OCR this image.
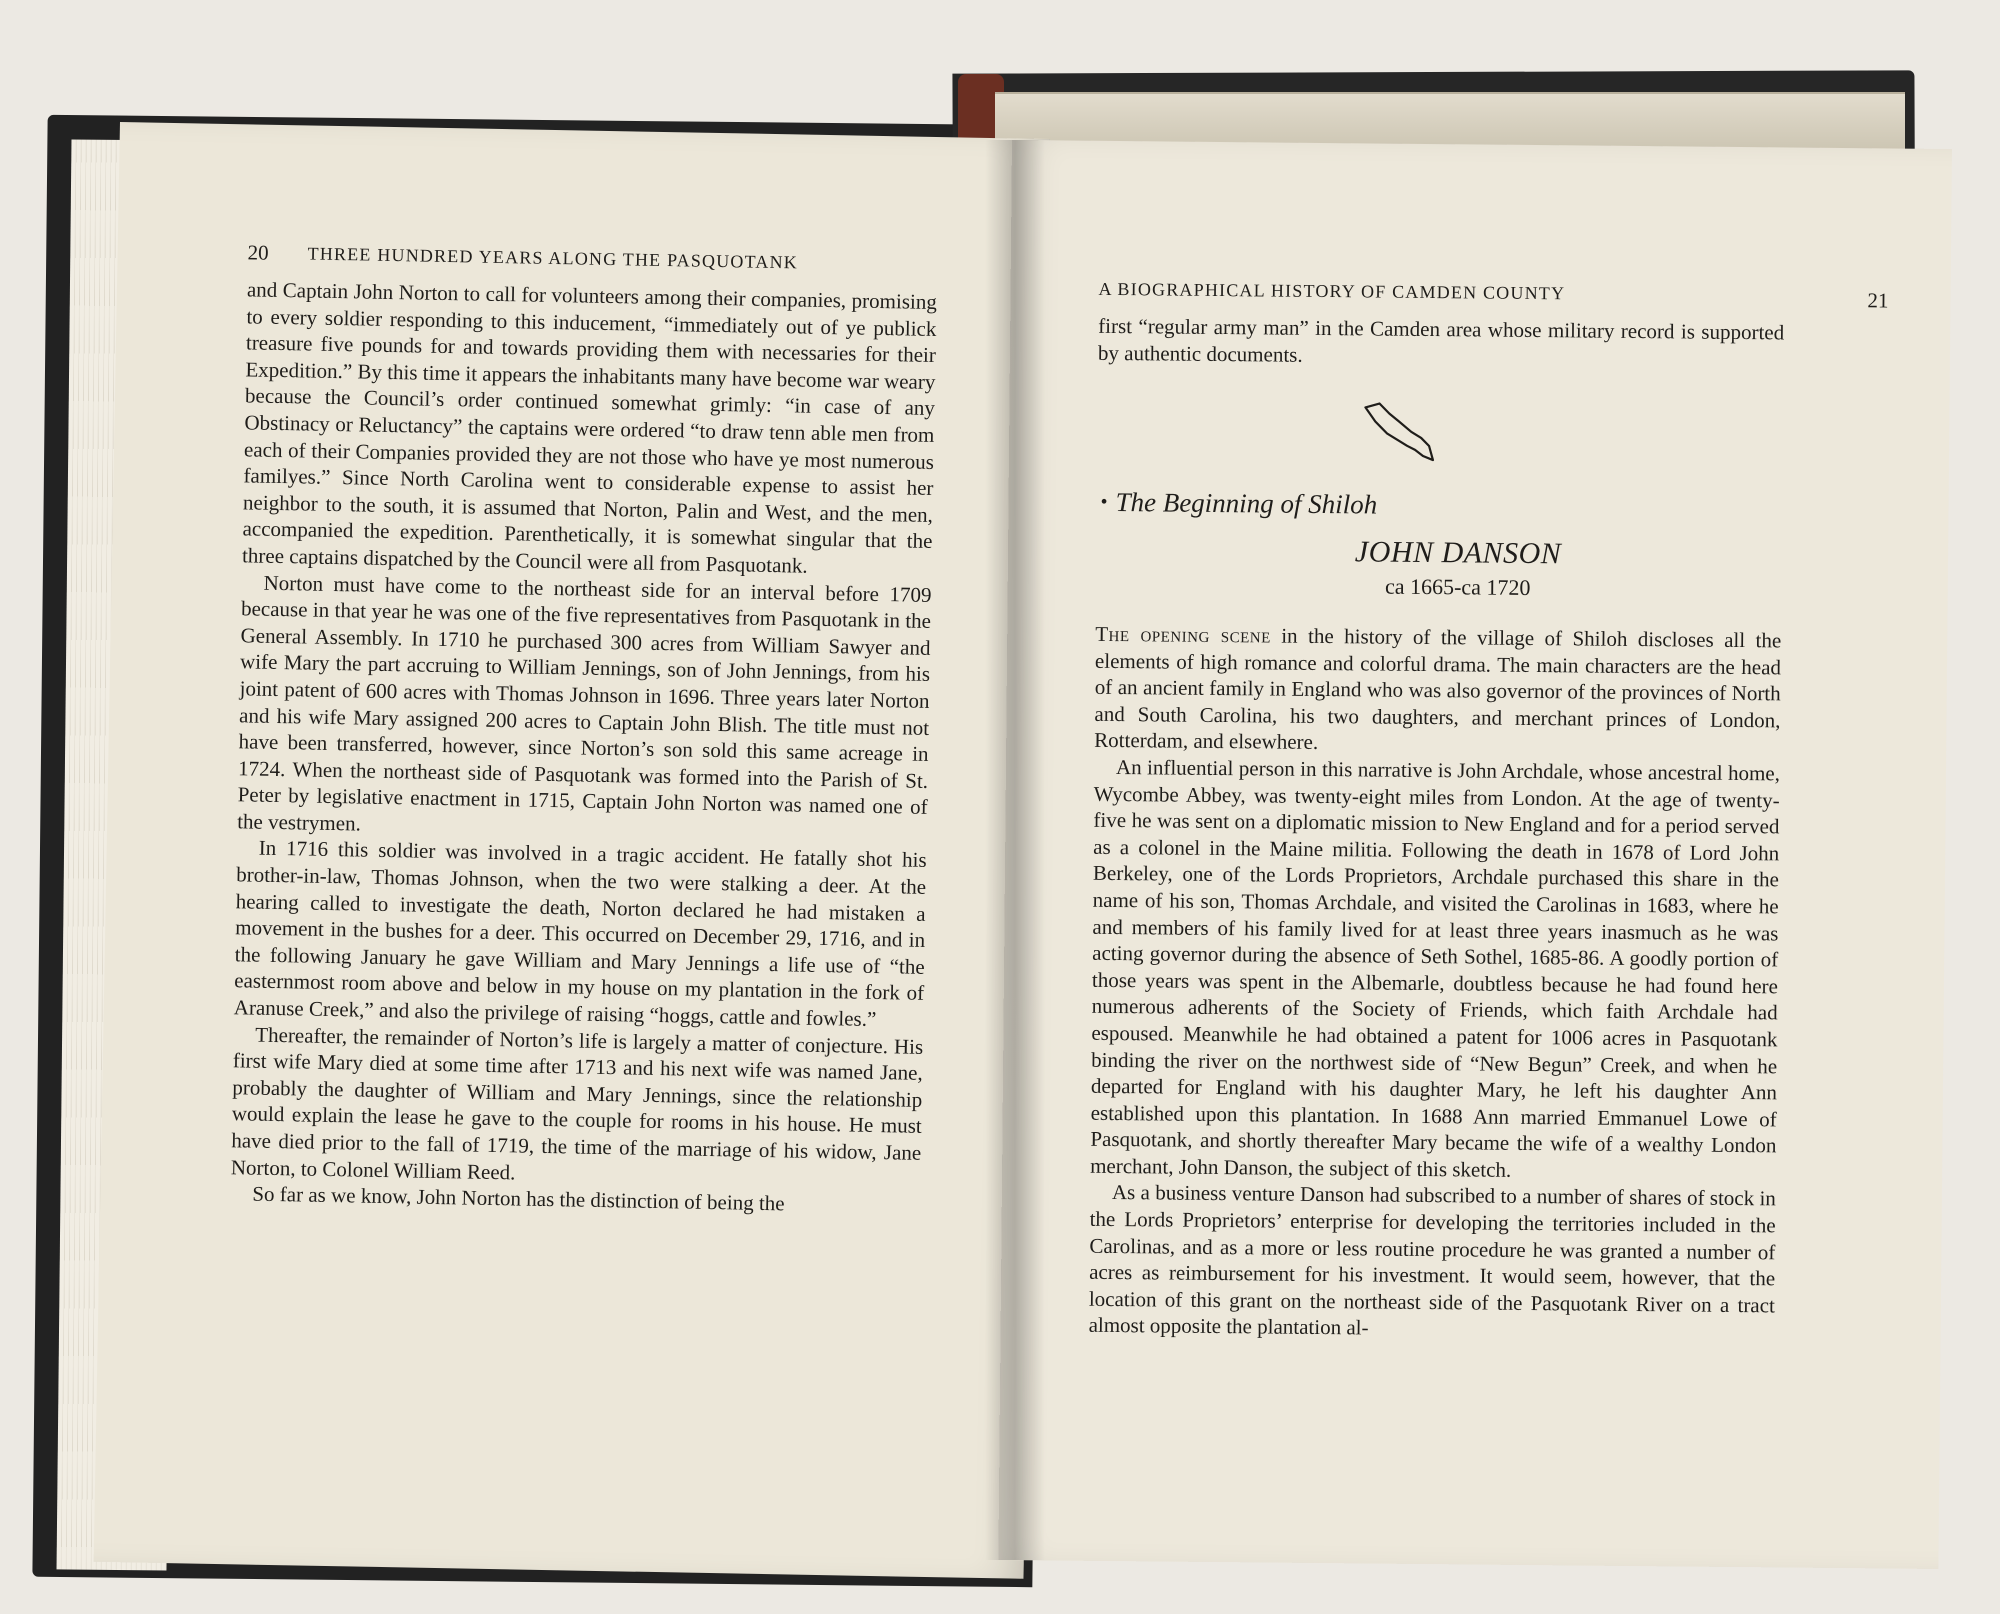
20 THREE HUNDRED YEARS ALONG THE PASQUOTANK

and Captain John Norton to call for volunteers among their companies, promising to every soldier responding to this inducement, “immediately out of ye publick treasure five pounds for and towards providing them with necessaries for their Expedition.” By this time it appears the inhabitants many have become war weary because the Council’s order continued somewhat grimly: “in case of any Obstinacy or Reluctancy” the captains were ordered “to draw tenn able men from each of their Companies provided they are not those who have ye most numerous familyes.” Since North Carolina went to considerable expense to assist her neighbor to the south, it is assumed that Norton, Palin and West, and the men, accompanied the expedition. Parenthetically, it is somewhat singular that the three captains dispatched by the Council were all from Pasquotank.

Norton must have come to the northeast side for an interval before 1709 because in that year he was one of the five representatives from Pasquotank in the General Assembly. In 1710 he purchased 300 acres from William Sawyer and wife Mary the part accruing to William Jennings, son of John Jennings, from his joint patent of 600 acres with Thomas Johnson in 1696. Three years later Norton and his wife Mary assigned 200 acres to Captain John Blish. The title must not have been transferred, however, since Norton’s son sold this same acreage in 1724. When the northeast side of Pasquotank was formed into the Parish of St. Peter by legislative enactment in 1715, Captain John Norton was named one of the vestrymen.

In 1716 this soldier was involved in a tragic accident. He fatally shot his brother-in-law, Thomas Johnson, when the two were stalking a deer. At the hearing called to investigate the death, Norton declared he had mistaken a movement in the bushes for a deer. This occurred on December 29, 1716, and in the following January he gave William and Mary Jennings a life use of “the easternmost room above and below in my house on my plantation in the fork of Aranuse Creek,” and also the privilege of raising “hoggs, cattle and fowles.”

Thereafter, the remainder of Norton’s life is largely a matter of conjecture. His first wife Mary died at some time after 1713 and his next wife was named Jane, probably the daughter of William and Mary Jennings, since the relationship would explain the lease he gave to the couple for rooms in his house. He must have died prior to the fall of 1719, the time of the marriage of his widow, Jane Norton, to Colonel William Reed.

So far as we know, John Norton has the distinction of being the

A BIOGRAPHICAL HISTORY OF CAMDEN COUNTY	21

first “regular army man” in the Camden area whose military record is supported by authentic documents.

• The Beginning of Shiloh
JOHN DANSON
ca 1665-ca 1720

The opening scene in the history of the village of Shiloh discloses all the elements of high romance and colorful drama. The main characters are the head of an ancient family in England who was also governor of the provinces of North and South Carolina, his two daughters, and merchant princes of London, Rotterdam, and elsewhere.

An influential person in this narrative is John Archdale, whose ancestral home, Wycombe Abbey, was twenty-eight miles from London. At the age of twenty-five he was sent on a diplomatic mission to New England and for a period served as a colonel in the Maine militia. Following the death in 1678 of Lord John Berkeley, one of the Lords Proprietors, Archdale purchased this share in the name of his son, Thomas Archdale, and visited the Carolinas in 1683, where he and members of his family lived for at least three years inasmuch as he was acting governor during the absence of Seth Sothel, 1685-86. A goodly portion of those years was spent in the Albemarle, doubtless because he had found here numerous adherents of the Society of Friends, which faith Archdale had espoused. Meanwhile he had obtained a patent for 1006 acres in Pasquotank binding the river on the northwest side of “New Begun” Creek, and when he departed for England with his daughter Mary, he left his daughter Ann established upon this plantation. In 1688 Ann married Emmanuel Lowe of Pasquotank, and shortly thereafter Mary became the wife of a wealthy London merchant, John Danson, the subject of this sketch.

As a business venture Danson had subscribed to a number of shares of stock in the Lords Proprietors’ enterprise for developing the territories included in the Carolinas, and as a more or less routine procedure he was granted a number of acres as reimbursement for his investment. It would seem, however, that the location of this grant on the northeast side of the Pasquotank River on a tract almost opposite the plantation al-
